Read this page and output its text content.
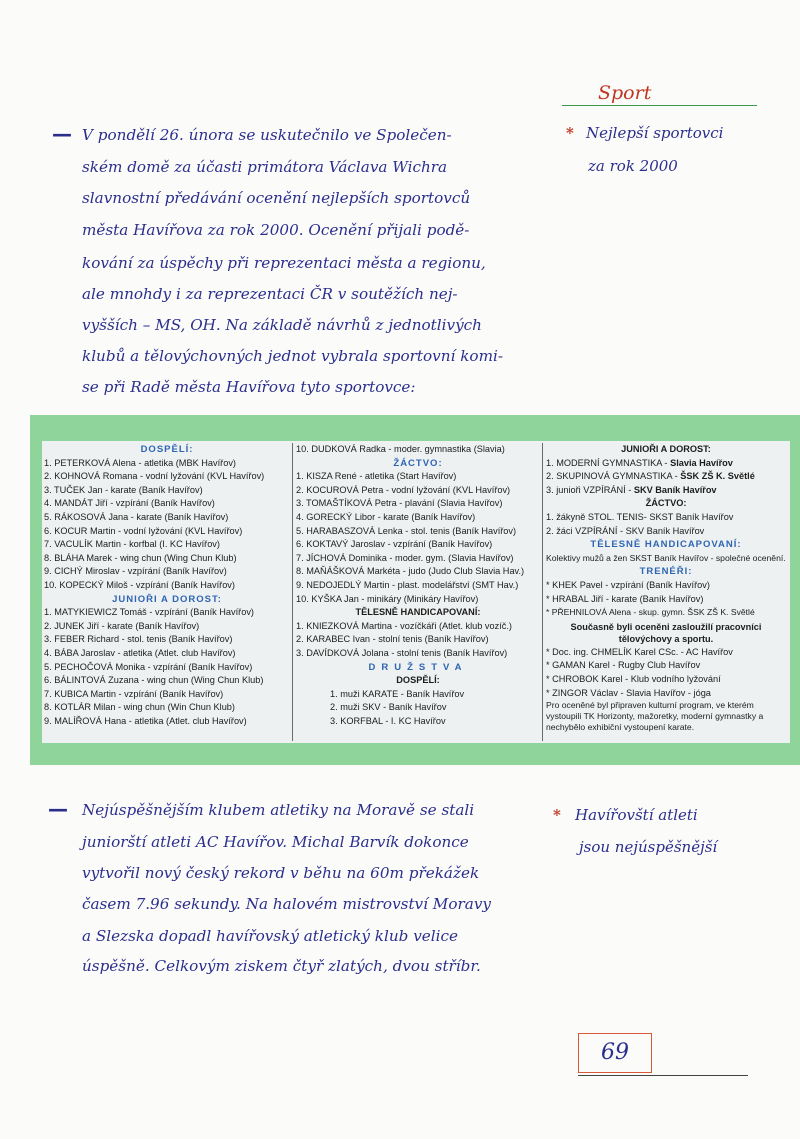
Sport
— V pondělí 26. února se uskutečnilo ve Společen-
ském domě za účasti primátora Václava Wichra
slavnostní předávání ocenění nejlepších sportovců
města Havířova za rok 2000. Ocenění přijali podě-
kování za úspěchy při reprezentaci města a regionu,
ale mnohdy i za reprezentaci ČR v soutěžích nej-
vyšších – MS, OH. Na základě návrhů z jednotlivých
klubů a tělovýchovných jednot vybrala sportovní komi-
se při Radě města Havířova tyto sportovce:
* Nejlepší sportovci
za rok 2000
DOSPĚLÍ:
1. PETERKOVÁ Alena - atletika (MBK Havířov)
2. KOHNOVÁ Romana - vodní lyžování (KVL Havířov)
3. TUČEK Jan - karate (Baník Havířov)
4. MANDÁT Jiří - vzpírání (Baník Havířov)
5. RÁKOSOVÁ Jana - karate (Baník Havířov)
6. KOCUR Martin - vodní lyžování (KVL Havířov)
7. VACULÍK Martin - korfbal (I. KC Havířov)
8. BLÁHA Marek - wing chun (Wing Chun Klub)
9. CICHÝ Miroslav - vzpírání (Baník Havířov)
10. KOPECKÝ Miloš - vzpírání (Baník Havířov)
JUNIOŘI A DOROST:
1. MATYKIEWICZ Tomáš - vzpírání (Baník Havířov)
2. JUNEK Jiří - karate (Baník Havířov)
3. FEBER Richard - stol. tenis (Baník Havířov)
4. BÁBA Jaroslav - atletika (Atlet. club Havířov)
5. PECHOČOVÁ Monika - vzpírání (Baník Havířov)
6. BÁLINTOVÁ Zuzana - wing chun (Wing Chun Klub)
7. KUBICA Martin - vzpírání (Baník Havířov)
8. KOTLÁR Milan - wing chun (Win Chun Klub)
9. MALÍŘOVÁ Hana - atletika (Atlet. club Havířov)
10. DUDKOVÁ Radka - moder. gymnastika (Slavia)
ŽÁCTVO:
1. KISZA René - atletika (Start Havířov)
2. KOCUROVÁ Petra - vodní lyžování (KVL Havířov)
3. TOMAŠTÍKOVÁ Petra - plavání (Slavia Havířov)
4. GORECKÝ Libor - karate (Baník Havířov)
5. HARABASZOVÁ Lenka - stol. tenis (Baník Havířov)
6. KOKTAVÝ Jaroslav - vzpírání (Baník Havířov)
7. JÍCHOVÁ Dominika - moder. gym. (Slavia Havířov)
8. MAŇÁŠKOVÁ Markéta - judo (Judo Club Slavia Hav.)
9. NEDOJEDLÝ Martin - plast. modelářství (SMT Hav.)
10. KYŠKA Jan - minikáry (Minikáry Havířov)
TĚLESNĚ HANDICAPOVANÍ:
1. KNIEZKOVÁ Martina - vozíčkáři (Atlet. klub vozíč.)
2. KARABEC Ivan - stolní tenis (Baník Havířov)
3. DAVÍDKOVÁ Jolana - stolní tenis (Baník Havířov)
DRUŽSTVA
DOSPĚLÍ:
1. muži KARATE - Baník Havířov
2. muži SKV - Baník Havířov
3. KORFBAL - I. KC Havířov
JUNIOŘI A DOROST:
1. MODERNÍ GYMNASTIKA - Slavia Havířov
2. SKUPINOVÁ GYMNASTIKA - ŠSK ZŠ K. Světlé
3. junioři VZPÍRÁNÍ - SKV Baník Havířov
ŽÁCTVO:
1. žákyně STOL. TENIS- SKST Baník Havířov
2. žáci VZPÍRÁNÍ - SKV Baník Havířov
TĚLESNĚ HANDICAPOVANÍ:
Kolektivy mužů a žen SKST Baník Havířov - společné ocenění.
TRENÉŘI:
* KHEK Pavel - vzpírání (Baník Havířov)
* HRABAL Jiří - karate (Baník Havířov)
* PŘEHNILOVÁ Alena - skup. gymn. ŠSK ZŠ K. Světlé
Současně byli oceněni zasloužilí pracovníci tělovýchovy a sportu.
* Doc. ing. CHMELÍK Karel CSc. - AC Havířov
* GAMAN Karel - Rugby Club Havířov
* CHROBOK Karel - Klub vodního lyžování
* ZINGOR Václav - Slavia Havířov - jóga
Pro oceněné byl připraven kulturní program, ve kterém vystoupili TK Horizonty, mažoretky, moderní gymnastky a nechybělo exhibiční vystoupení karate.
— Nejúspěšnějším klubem atletiky na Moravě se stali
juniorští atleti AC Havířov. Michal Barvík dokonce
vytvořil nový český rekord v běhu na 60m překážek
časem 7.96 sekundy. Na halovém mistrovství Moravy
a Slezska dopadl havířovský atletický klub velice
úspěšně. Celkovým ziskem čtyř zlatých, dvou stříbr.
* Havířovští atleti
jsou nejúspěšnější
69
